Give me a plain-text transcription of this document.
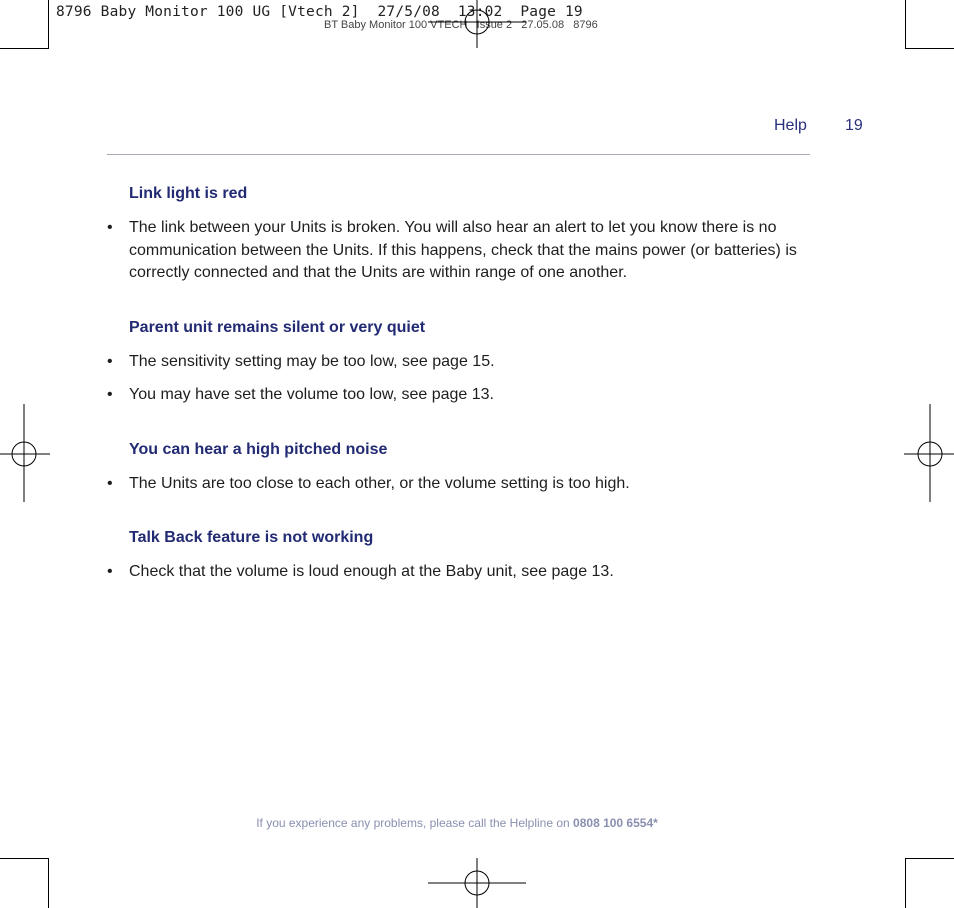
8796 Baby Monitor 100 UG [Vtech 2]  27/5/08  13:02  Page 19
BT Baby Monitor 100 VTECH   Issue 2   27.05.08   8796
Help 19
Link light is red
•	The link between your Units is broken. You will also hear an alert to let you know there is no communication between the Units. If this happens, check that the mains power (or batteries) is correctly connected and that the Units are within range of one another.
Parent unit remains silent or very quiet
•	The sensitivity setting may be too low, see page 15.
•	You may have set the volume too low, see page 13.
You can hear a high pitched noise
•	The Units are too close to each other, or the volume setting is too high.
Talk Back feature is not working
•	Check that the volume is loud enough at the Baby unit, see page 13.
If you experience any problems, please call the Helpline on 0808 100 6554*
